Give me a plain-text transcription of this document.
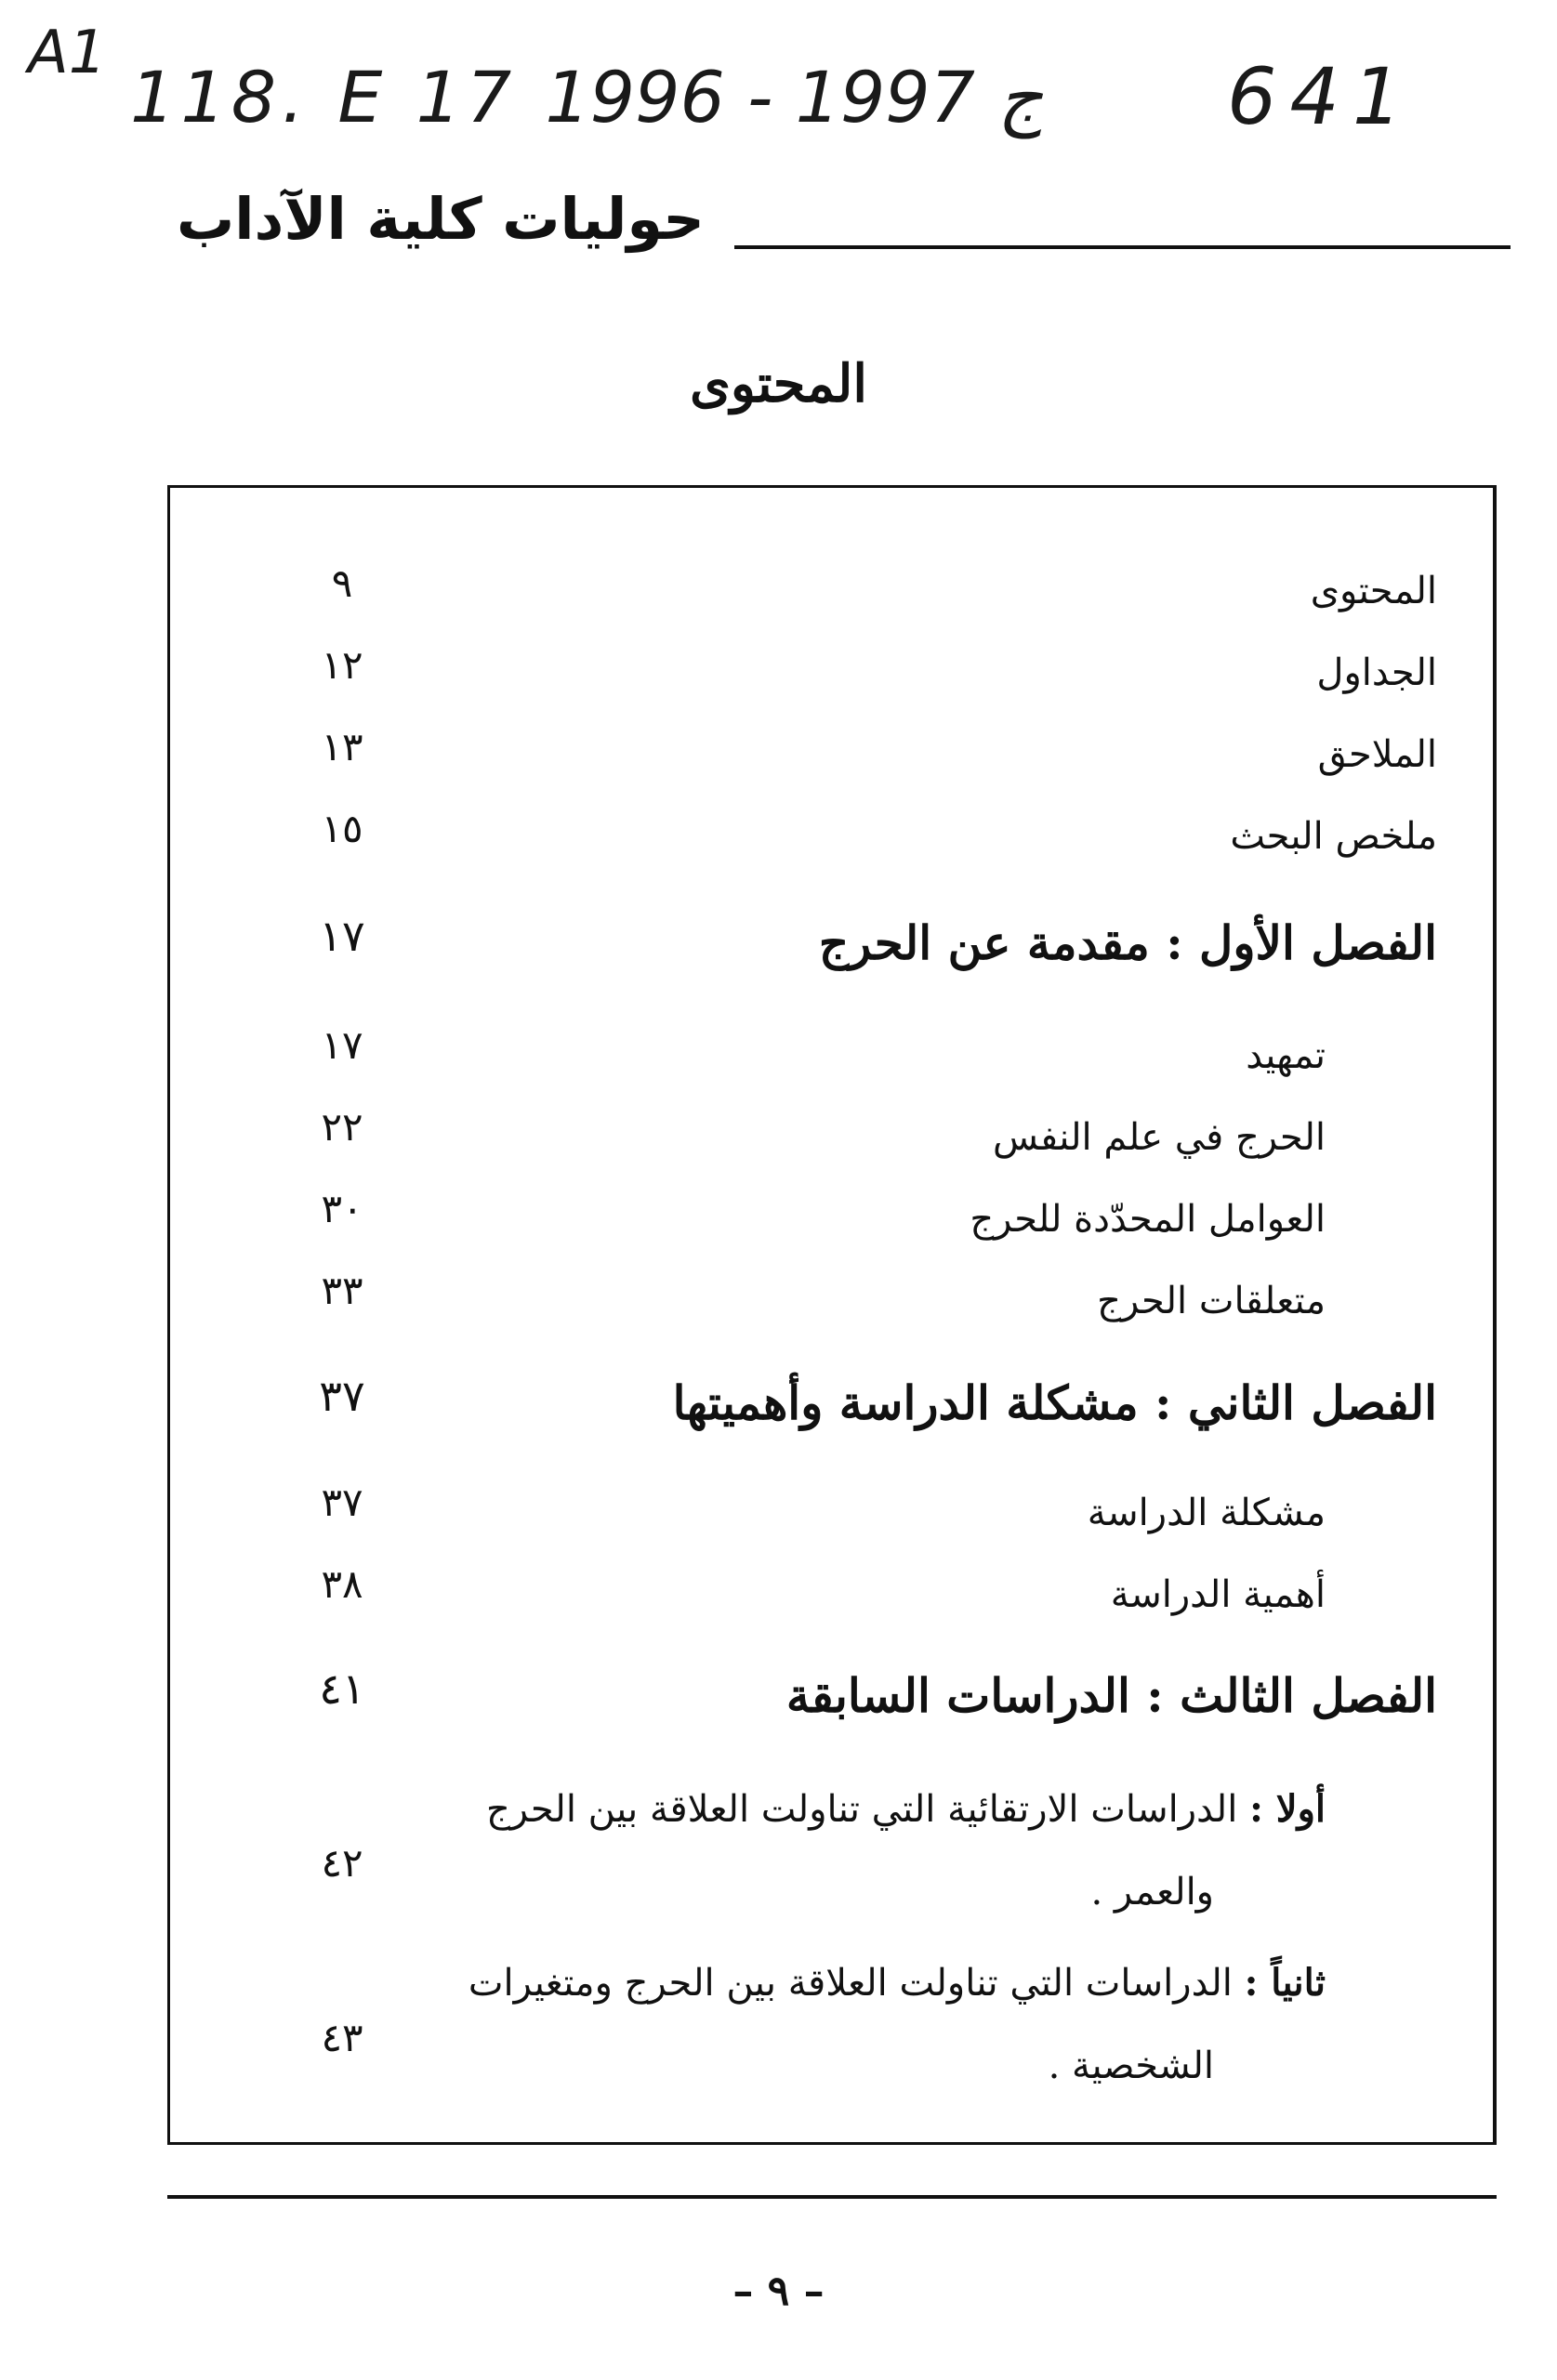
A1
118. E 17 ج 1997 - 1996 641
حوليات كلية الآداب
المحتوى
المحتوى
٩
الجداول
١٢
الملاحق
١٣
ملخص البحث
١٥
الفصل الأول : مقدمة عن الحرج
١٧
تمهيد
١٧
الحرج في علم النفس
٢٢
العوامل المحدّدة للحرج
٣٠
متعلقات الحرج
٣٣
الفصل الثاني : مشكلة الدراسة وأهميتها
٣٧
مشكلة الدراسة
٣٧
أهمية الدراسة
٣٨
الفصل الثالث : الدراسات السابقة
٤١
أولا : الدراسات الارتقائية التي تناولت العلاقة بين الحرج
والعمر .
٤٢
ثانياً : الدراسات التي تناولت العلاقة بين الحرج ومتغيرات
الشخصية .
٤٣
– ٩ –
